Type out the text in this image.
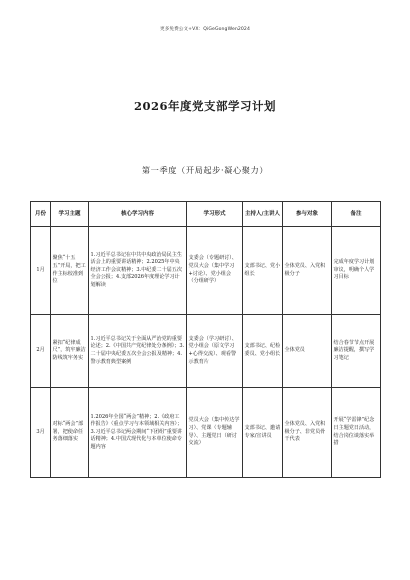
更多免费公文+VX：QiGeGongWen2024
2026年度党支部学习计划
第一季度（开局起步·凝心聚力）
月份	学习主题	核心学习内容	学习形式	主持人/主讲人	参与对象	备注
1月	聚焦“十五五”开局，把工作主标校准到位	1.习近平总书记在中共中央政治局民主生活会上的重要讲话精神；2.2025年中央经济工作会议精神；3.中纪委二十届五次全会公报；4.支部2026年度理论学习计划解读	支委会（专题研讨）、党员大会（集中学习+讨论）、党小组会（分组研学）	支部书记、党小组长	全体党员、入党积极分子	完成年度学习计划审议，明确个人学习目标
2月	紧扣“纪律成尺”，筑牢廉洁防线筑牢务实	1.习近平总书记关于全面从严治党的重要论述；2.《中国共产党纪律处分条例》；3.二十届中央纪委五次全会公报及精神；4.警示教育典型案例	支委会（学习研讨）、党小组会（原文学习+心得交流）、观看警示教育片	支部书记、纪检委员、党小组长	全体党员	结合春节节点开展廉洁提醒，撰写学习笔记
3月	对标“两会”部署，把使命任务落细落实	1.2026年全国“两会”精神；2.《政府工作报告》（重点学习与本领域相关内容）；3.习近平总书记两会期间“下团组”重要讲话精神；4.中国式现代化与本单位使命专题内容	党员大会（集中传达学习）、党课（专题辅导）、主题党日（研讨交流）	支部书记、邀请专家/宣讲员	全体党员、入党积极分子、非党员骨干代表	开展“学雷锋”纪念日主题党日活动，结合岗位谈落实举措
